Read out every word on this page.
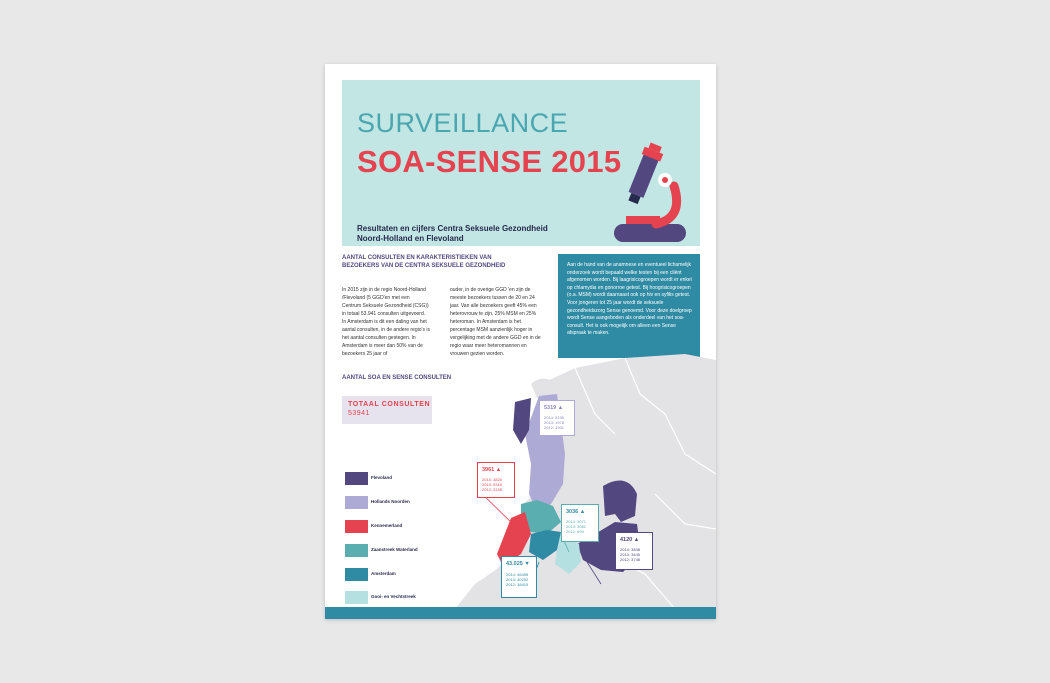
SURVEILLANCE
SOA-SENSE 2015
Resultaten en cijfers Centra Seksuele Gezondheid
Noord-Holland en Flevoland
AANTAL CONSULTEN EN KARAKTERISTIEKEN VAN
BEZOEKERS VAN DE CENTRA SEKSUELE GEZONDHEID
In 2015 zijn in de regio Noord-Holland /Flevoland (5 GGD'en met een Centrum Seksuele Gezondheid (CSG)) in totaal 53.941 consulten uitgevoerd. In Amsterdam is dit een daling van het aantal consulten, in de andere regio's is het aantal consulten gestegen. In Amsterdam is meer dan 50% van de bezoekers 25 jaar of
ouder, in de overige GGD 'en zijn de meeste bezoekers tussen de 20 en 24 jaar. Van alle bezoekers geeft 45% een heterovrouw te zijn, 25% MSM en 25% heteroman. In Amsterdam is het percentage MSM aanzienlijk hoger in vergelijking met de andere GGD en in de regio waar meer heteromannen en vrouwen gezien worden.
Aan de hand van de anamnese en eventueel lichamelijk onderzoek wordt bepaald welke testen bij een cliënt afgenomen worden. Bij laagrisicogroepen wordt er enkel op chlamydia en gonorroe getest. Bij hoogrisicogroepen (o.a. MSM) wordt daarnaast ook op hiv en syfilis getest. Voor jongeren tot 25 jaar wordt de seksuele gezondheidszorg Sense genoemd. Voor deze doelgroep wordt Sense aangeboden als onderdeel van het soa-consult. Het is ook mogelijk om alleen een Sense afspraak te maken.
AANTAL SOA EN SENSE CONSULTEN
TOTAAL CONSULTEN
53941
Flevoland
Hollands Noorden
Kennemerland
Zaanstreek Waterland
Amsterdam
Gooi- en Vechtstreek
5319 ▲
2014: 5195
2013: 1978
2012: 1901
3961 ▲
2014: 3820
2013: 5310
2012: 3155
3036 ▲
2014: 3071
2013: 3061
2012: 699
4120 ▲
2014: 3838
2013: 3445
2012: 3748
43.025 ▼
2014: 46495
2013: 40252
2012: 38415
